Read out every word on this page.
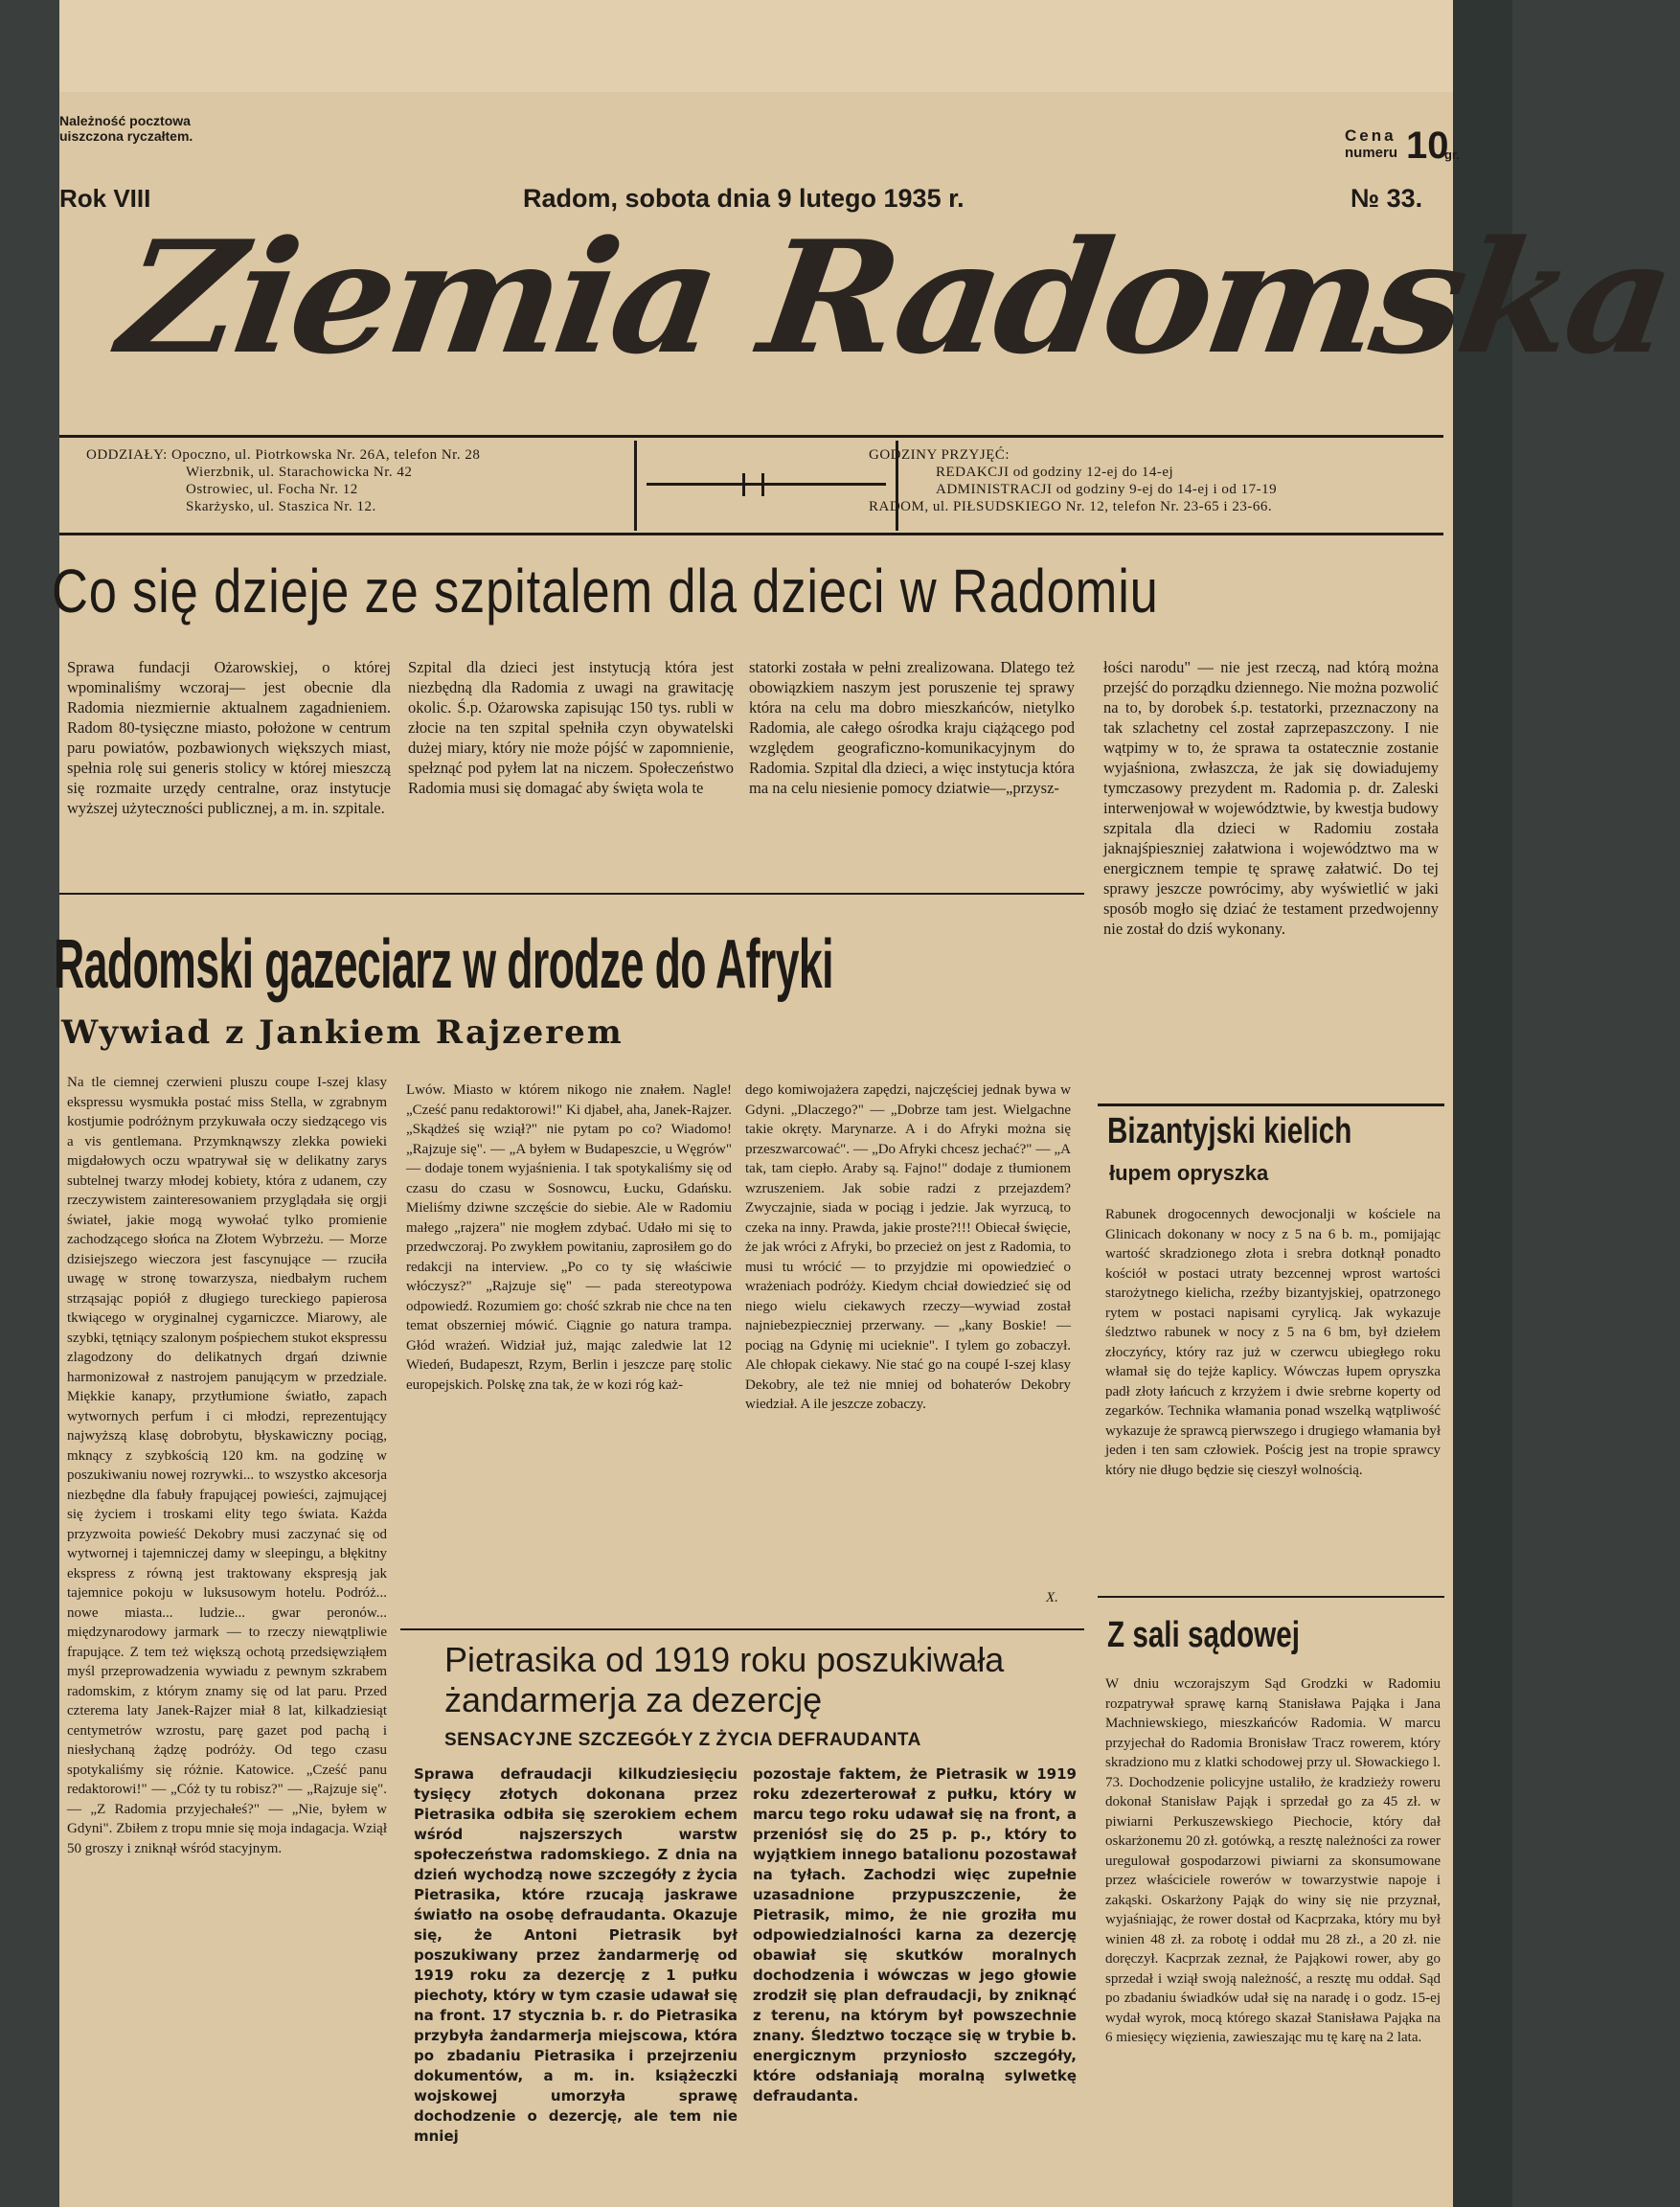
Należność pocztowa
uiszczona ryczałtem.
Rok VIII	Radom, sobota dnia 9 lutego 1935 r.
Cena
numeru 10
gr.
№ 33.
Ziemia Radomska
ODDZIAŁY: Opoczno, ul. Piotrkowska Nr. 26A, telefon Nr. 28
Wierzbnik, ul. Starachowicka Nr. 42
Ostrowiec, ul. Focha Nr. 12
Skarżysko, ul. Staszica Nr. 12.
GODZINY PRZYJĘĆ:
REDAKCJI od godziny 12-ej do 14-ej
ADMINISTRACJI od godziny 9-ej do 14-ej i od 17-19
RADOM, ul. PIŁSUDSKIEGO Nr. 12, telefon Nr. 23-65 i 23-66.
Co się dzieje ze szpitalem dla dzieci w Radomiu
Sprawa fundacji Ożarowskiej, o której wpominaliśmy wczoraj— jest obecnie dla Radomia niezmiernie aktualnem zagadnieniem. Radom 80-tysięczne miasto, położone w centrum paru powiatów, pozbawionych większych miast, spełnia rolę sui generis stolicy w której mieszczą się rozmaite urzędy centralne, oraz instytucje wyższej użyteczności publicznej, a m. in. szpitale.
Szpital dla dzieci jest instytucją która jest niezbędną dla Radomia z uwagi na grawitację okolic. Ś.p. Ożarowska zapisując 150 tys. rubli w złocie na ten szpital spełniła czyn obywatelski dużej miary, który nie może pójść w zapomnienie, spełznąć pod pyłem lat na niczem. Społeczeństwo Radomia musi się domagać aby święta wola te
statorki została w pełni zrealizowana. Dlatego też obowiązkiem naszym jest poruszenie tej sprawy która na celu ma dobro mieszkańców, nietylko Radomia, ale całego ośrodka kraju ciążącego pod względem geograficzno-komunikacyjnym do Radomia. Szpital dla dzieci, a więc instytucja która ma na celu niesienie pomocy dziatwie—„przysz-
łości narodu" — nie jest rzeczą, nad którą można przejść do porządku dziennego. Nie można pozwolić na to, by dorobek ś.p. testatorki, przeznaczony na tak szlachetny cel został zaprzepaszczony. I nie wątpimy w to, że sprawa ta ostatecznie zostanie wyjaśniona, zwłaszcza, że jak się dowiadujemy tymczasowy prezydent m. Radomia p. dr. Zaleski interwenjował w województwie, by kwestja budowy szpitala dla dzieci w Radomiu została jaknajśpieszniej załatwiona i województwo ma w energicznem tempie tę sprawę załatwić. Do tej sprawy jeszcze powrócimy, aby wyświetlić w jaki sposób mogło się dziać że testament przedwojenny nie został do dziś wykonany.
Radomski gazeciarz w drodze do Afryki
Wywiad z Jankiem Rajzerem
Na tle ciemnej czerwieni pluszu coupe I-szej klasy ekspressu wysmukła postać miss Stella, w zgrabnym kostjumie podróżnym przykuwała oczy siedzącego vis a vis gentlemana. Przymknąwszy zlekka powieki migdałowych oczu wpatrywał się w delikatny zarys subtelnej twarzy młodej kobiety, która z udanem, czy rzeczywistem zainteresowaniem przyglądała się orgji świateł, jakie mogą wywołać tylko promienie zachodzącego słońca na Złotem Wybrzeżu. — Morze dzisiejszego wieczora jest fascynujące — rzuciła uwagę w stronę towarzysza, niedbałym ruchem strząsając popiół z długiego tureckiego papierosa tkwiącego w oryginalnej cygarniczce. Miarowy, ale szybki, tętniący szalonym pośpiechem stukot ekspressu zlagodzony do delikatnych drgań dziwnie harmonizował z nastrojem panującym w przedziale. Miękkie kanapy, przytłumione światło, zapach wytwornych perfum i ci młodzi, reprezentujący najwyższą klasę dobrobytu, błyskawiczny pociąg, mknący z szybkością 120 km. na godzinę w poszukiwaniu nowej rozrywki... to wszystko akcesorja niezbędne dla fabuły frapującej powieści, zajmującej się życiem i troskami elity tego świata. Każda przyzwoita powieść Dekobry musi zaczynać się od wytwornej i tajemniczej damy w sleepingu, a błękitny ekspress z równą jest traktowany ekspresją jak tajemnice pokoju w luksusowym hotelu. Podróż... nowe miasta... ludzie... gwar peronów... międzynarodowy jarmark — to rzeczy niewątpliwie frapujące. Z tem też większą ochotą przedsięwziąłem myśl przeprowadzenia wywiadu z pewnym szkrabem radomskim, z którym znamy się od lat paru. Przed czterema laty Janek-Rajzer miał 8 lat, kilkadziesiąt centymetrów wzrostu, parę gazet pod pachą i niesłychaną żądzę podróży. Od tego czasu spotykaliśmy się różnie. Katowice. „Cześć panu redaktorowi!" — „Cóż ty tu robisz?" — „Rajzuje się". — „Z Radomia przyjechałeś?" — „Nie, byłem w Gdyni". Zbiłem z tropu mnie się moja indagacja. Wziął 50 groszy i zniknął wśród stacyjnym.
Lwów. Miasto w którem nikogo nie znałem. Nagle! „Cześć panu redaktorowi!" Ki djabeł, aha, Janek-Rajzer. „Skądżeś się wziął?" nie pytam po co? Wiadomo! „Rajzuje się". — „A byłem w Budapeszcie, u Węgrów" — dodaje tonem wyjaśnienia. I tak spotykaliśmy się od czasu do czasu w Sosnowcu, Łucku, Gdańsku. Mieliśmy dziwne szczęście do siebie. Ale w Radomiu małego „rajzera" nie mogłem zdybać. Udało mi się to przedwczoraj. Po zwykłem powitaniu, zaprosiłem go do redakcji na interview. „Po co ty się właściwie włóczysz?" „Rajzuje się" — pada stereotypowa odpowiedź. Rozumiem go: chość szkrab nie chce na ten temat obszerniej mówić. Ciągnie go natura trampa. Głód wrażeń. Widział już, mając zaledwie lat 12 Wiedeń, Budapeszt, Rzym, Berlin i jeszcze parę stolic europejskich. Polskę zna tak, że w kozi róg każ-
dego komiwojażera zapędzi, najczęściej jednak bywa w Gdyni. „Dlaczego?" — „Dobrze tam jest. Wielgachne takie okręty. Marynarze. A i do Afryki można się przeszwarcować". — „Do Afryki chcesz jechać?" — „A tak, tam ciepło. Araby są. Fajno!" dodaje z tłumionem wzruszeniem. Jak sobie radzi z przejazdem? Zwyczajnie, siada w pociąg i jedzie. Jak wyrzucą, to czeka na inny. Prawda, jakie proste?!!! Obiecał święcie, że jak wróci z Afryki, bo przecież on jest z Radomia, to musi tu wrócić — to przyjdzie mi opowiedzieć o wrażeniach podróży. Kiedym chciał dowiedzieć się od niego wielu ciekawych rzeczy—wywiad został najniebezpieczniej przerwany. — „kany Boskie! — pociąg na Gdynię mi ucieknie". I tylem go zobaczył. Ale chłopak ciekawy. Nie stać go na coupé I-szej klasy Dekobry, ale też nie mniej od bohaterów Dekobry wiedział. A ile jeszcze zobaczy.
X.
Bizantyjski kielich
łupem opryszka
Rabunek drogocennych dewocjonalji w kościele na Glinicach dokonany w nocy z 5 na 6 b. m., pomijając wartość skradzionego złota i srebra dotknął ponadto kościół w postaci utraty bezcennej wprost wartości starożytnego kielicha, rzeźby bizantyjskiej, opatrzonego rytem w postaci napisami cyrylicą. Jak wykazuje śledztwo rabunek w nocy z 5 na 6 bm, był dziełem złoczyńcy, który raz już w czerwcu ubiegłego roku włamał się do tejże kaplicy. Wówczas łupem opryszka padł złoty łańcuch z krzyżem i dwie srebrne koperty od zegarków. Technika włamania ponad wszelką wątpliwość wykazuje że sprawcą pierwszego i drugiego włamania był jeden i ten sam człowiek. Pościg jest na tropie sprawcy który nie długo będzie się cieszył wolnością.
Pietrasika od 1919 roku poszukiwała
żandarmerja za dezercję
SENSACYJNE SZCZEGÓŁY Z ŻYCIA DEFRAUDANTA
Sprawa defraudacji kilkudziesięciu tysięcy złotych dokonana przez Pietrasika odbiła się szerokiem echem wśród najszerszych warstw społeczeństwa radomskiego. Z dnia na dzień wychodzą nowe szczegóły z życia Pietrasika, które rzucają jaskrawe światło na osobę defraudanta. Okazuje się, że Antoni Pietrasik był poszukiwany przez żandarmerję od 1919 roku za dezercję z 1 pułku piechoty, który w tym czasie udawał się na front. 17 stycznia b. r. do Pietrasika przybyła żandarmerja miejscowa, która po zbadaniu Pietrasika i przejrzeniu dokumentów, a m. in. książeczki wojskowej umorzyła sprawę dochodzenie o dezercję, ale tem nie mniej
pozostaje faktem, że Pietrasik w 1919 roku zdezerterował z pułku, który w marcu tego roku udawał się na front, a przeniósł się do 25 p. p., który to wyjątkiem innego batalionu pozostawał na tyłach. Zachodzi więc zupełnie uzasadnione przypuszczenie, że Pietrasik, mimo, że nie groziła mu odpowiedzialności karna za dezercję obawiał się skutków moralnych dochodzenia i wówczas w jego głowie zrodził się plan defraudacji, by zniknąć z terenu, na którym był powszechnie znany. Śledztwo toczące się w trybie b. energicznym przyniosło szczegóły, które odsłaniają moralną sylwetkę defraudanta.
Z sali sądowej
W dniu wczorajszym Sąd Grodzki w Radomiu rozpatrywał sprawę karną Stanisława Pająka i Jana Machniewskiego, mieszkańców Radomia. W marcu przyjechał do Radomia Bronisław Tracz rowerem, który skradziono mu z klatki schodowej przy ul. Słowackiego l. 73. Dochodzenie policyjne ustaliło, że kradzieży roweru dokonał Stanisław Pająk i sprzedał go za 45 zł. w piwiarni Perkuszewskiego Piechocie, który dał oskarżonemu 20 zł. gotówką, a resztę należności za rower uregulował gospodarzowi piwiarni za skonsumowane przez właściciele rowerów w towarzystwie napoje i zakąski. Oskarżony Pająk do winy się nie przyznał, wyjaśniając, że rower dostał od Kacprzaka, który mu był winien 48 zł. za robotę i oddał mu 28 zł., a 20 zł. nie doręczył. Kacprzak zeznał, że Pająkowi rower, aby go sprzedał i wziął swoją należność, a resztę mu oddał. Sąd po zbadaniu świadków udał się na naradę i o godz. 15-ej wydał wyrok, mocą którego skazał Stanisława Pająka na 6 miesięcy więzienia, zawieszając mu tę karę na 2 lata.
